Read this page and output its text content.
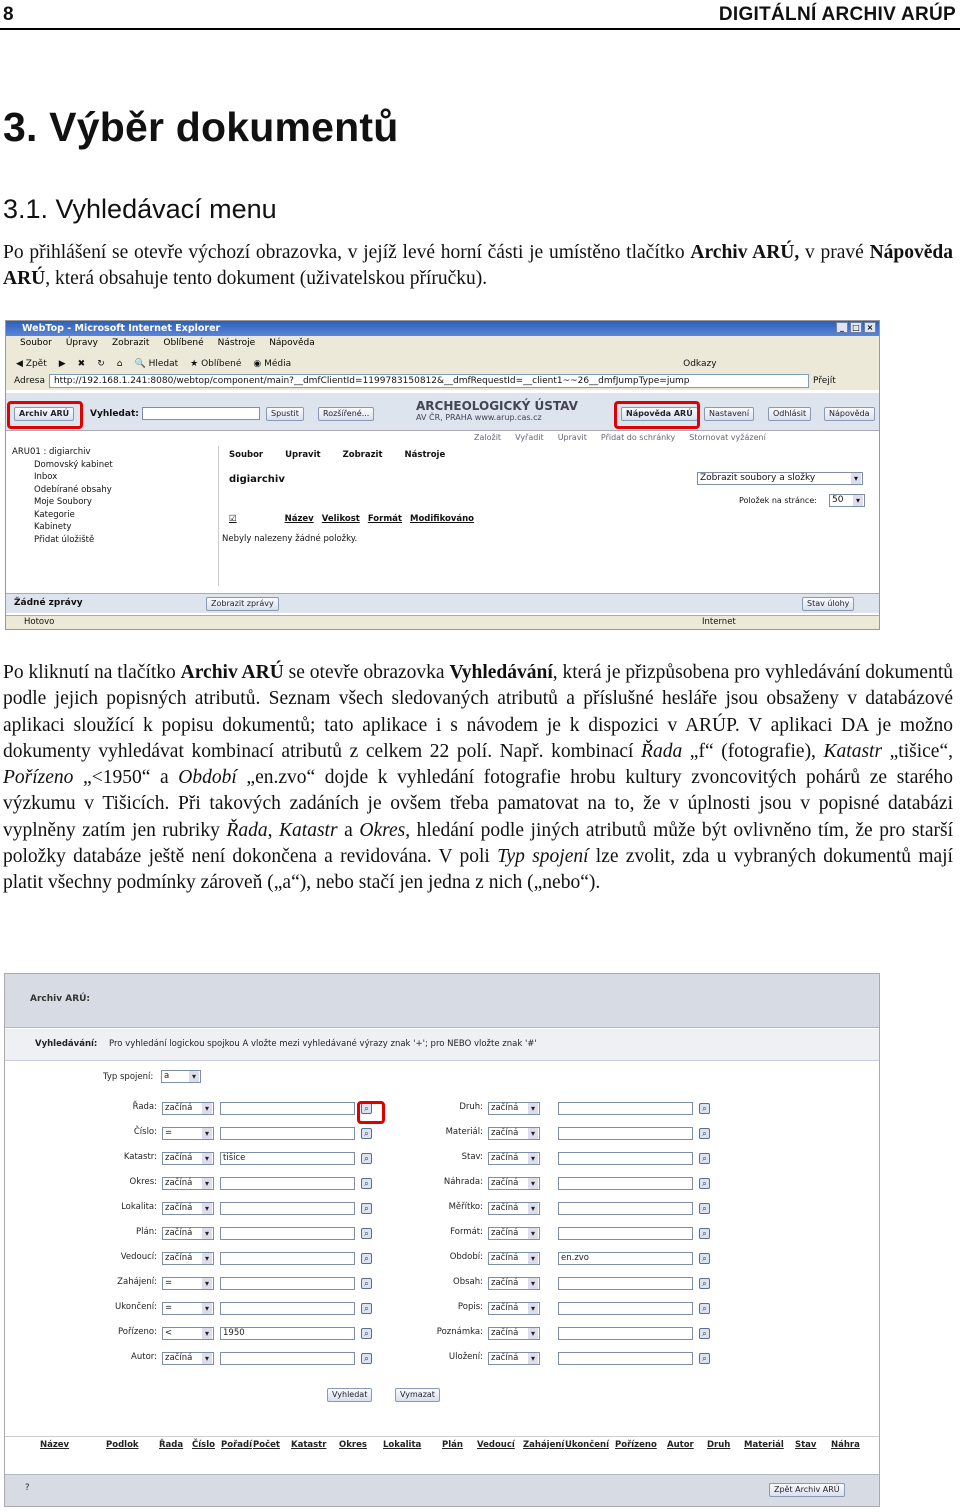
8	DIGITÁLNÍ ARCHIV ARÚP
3. Výběr dokumentů
3.1. Vyhledávací menu

Po přihlášení se otevře výchozí obrazovka, v jejíž levé horní části je umístěno tlačítko Archiv ARÚ, v pravé Nápověda ARÚ, která obsahuje tento dokument (uživatelskou příručku).

WebTop - Microsoft Internet Explorer	_	□ ×
Soubor Úpravy Zobrazit Oblíbené Nástroje Nápověda
◀ Zpět ▶ ✖ ↻ ⌂ 🔍 Hledat ★ Oblíbené ◉ Média	Odkazy
Adresa	http://192.168.1.241:8080/webtop/component/main?__dmfClientId=1199783150812&__dmfRequestId=__client1~~26__dmfJumpType=jump	Přejít
Archiv ARÚ	Vyhledat:	Spustit	Rozšířené...
ARCHEOLOGICKÝ ÚSTAV
AV ČR, PRAHA www.arup.cas.cz	Nápověda ARÚ	Nastavení	Odhlásit	Nápověda
Založit Vyřadit Upravit Přidat do schránky Stornovat vyžázení
ARU01 : digiarchiv
Domovský kabinet
Inbox
Odebírané obsahy
Moje Soubory
Kategorie
Kabinety
Přidat úložiště
Soubor	Upravit	Zobrazit	Nástroje
digiarchiv	Zobrazit soubory a složky ▾
Položek na stránce:	50 ▾
☑	Název Velikost Formát Modifikováno
Nebyly nalezeny žádné položky.
Žádné zprávy	Zobrazit zprávy	Stav úlohy
Hotovo	Internet

Po kliknutí na tlačítko Archiv ARÚ se otevře obrazovka Vyhledávání, která je přizpůsobena pro vyhledávání dokumentů podle jejich popisných atributů. Seznam všech sledovaných atributů a příslušné hesláře jsou obsaženy v databázové aplikaci sloužící k popisu dokumentů; tato aplikace i s návodem je k dispozici v ARÚP. V aplikaci DA je možno dokumenty vyhledávat kombinací atributů z celkem 22 polí. Např. kombinací Řada „f“ (fotografie), Katastr „tišice“, Pořízeno „<1950“ a Období „en.zvo“ dojde k vyhledání fotografie hrobu kultury zvoncovitých pohárů ze starého výzkumu v Tišicích. Při takových zadáních je ovšem třeba pamatovat na to, že v úplnosti jsou v popisné databázi vyplněny zatím jen rubriky Řada, Katastr a Okres, hledání podle jiných atributů může být ovlivněno tím, že pro starší položky databáze ještě není dokončena a revidována. V poli Typ spojení lze zvolit, zda u vybraných dokumentů mají platit všechny podmínky zároveň („a“), nebo stačí jen jedna z nich („nebo“).

Archiv ARÚ:
Vyhledávání: Pro vyhledání logickou spojkou A vložte mezi vyhledávané výrazy znak '+'; pro NEBO vložte znak '#'
Typ spojení:	a ▾
Řada: začíná ▾	⌕
Číslo: = ▾	⌕
Katastr: začíná ▾	tišice	⌕
Okres: začíná ▾	⌕
Lokalita: začíná ▾	⌕
Plán: začíná ▾	⌕
Vedoucí: začíná ▾	⌕
Zahájení: = ▾	⌕
Ukončení: = ▾	⌕
Pořízeno: < ▾	1950	⌕
Autor: začíná ▾	⌕
Druh: začíná ▾	⌕
Materiál: začíná ▾	⌕
Stav: začíná ▾	⌕
Náhrada: začíná ▾	⌕
Měřítko: začíná ▾	⌕
Formát: začíná ▾	⌕
Období: začíná ▾	en.zvo	⌕
Obsah: začíná ▾	⌕
Popis: začíná ▾	⌕
Poznámka: začíná ▾	⌕
Uložení: začíná ▾	⌕
Vyhledat	Vymazat
Název	Podlok Řada Číslo Pořadí Počet Katastr Okres Lokalita Plán Vedoucí Zahájení Ukončení Pořízeno Autor Druh Materiál Stav Náhra
?	Zpět Archiv ARÚ
